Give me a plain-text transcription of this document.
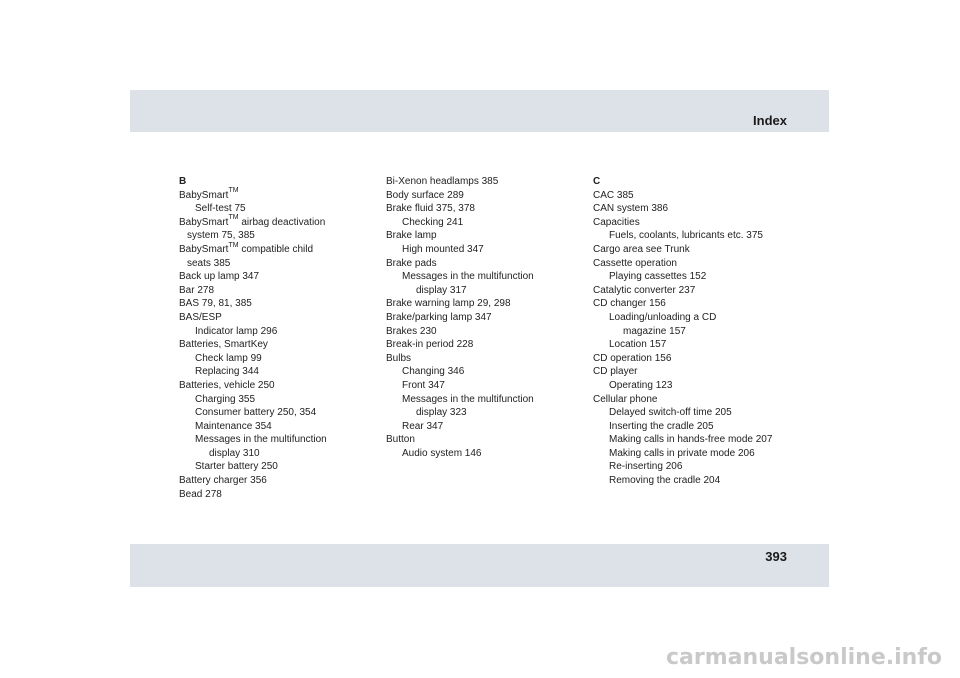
Index
B
BabySmart™
Self-test 75
BabySmart™ airbag deactivation
system 75, 385
BabySmart™ compatible child
seats 385
Back up lamp 347
Bar 278
BAS 79, 81, 385
BAS/ESP
Indicator lamp 296
Batteries, SmartKey
Check lamp 99
Replacing 344
Batteries, vehicle 250
Charging 355
Consumer battery 250, 354
Maintenance 354
Messages in the multifunction
display 310
Starter battery 250
Battery charger 356
Bead 278
Bi-Xenon headlamps 385
Body surface 289
Brake fluid 375, 378
Checking 241
Brake lamp
High mounted 347
Brake pads
Messages in the multifunction
display 317
Brake warning lamp 29, 298
Brake/parking lamp 347
Brakes 230
Break-in period 228
Bulbs
Changing 346
Front 347
Messages in the multifunction
display 323
Rear 347
Button
Audio system 146
C
CAC 385
CAN system 386
Capacities
Fuels, coolants, lubricants etc. 375
Cargo area see Trunk
Cassette operation
Playing cassettes 152
Catalytic converter 237
CD changer 156
Loading/unloading a CD
magazine 157
Location 157
CD operation 156
CD player
Operating 123
Cellular phone
Delayed switch-off time 205
Inserting the cradle 205
Making calls in hands-free mode 207
Making calls in private mode 206
Re-inserting 206
Removing the cradle 204
393
carmanualsonline.info
